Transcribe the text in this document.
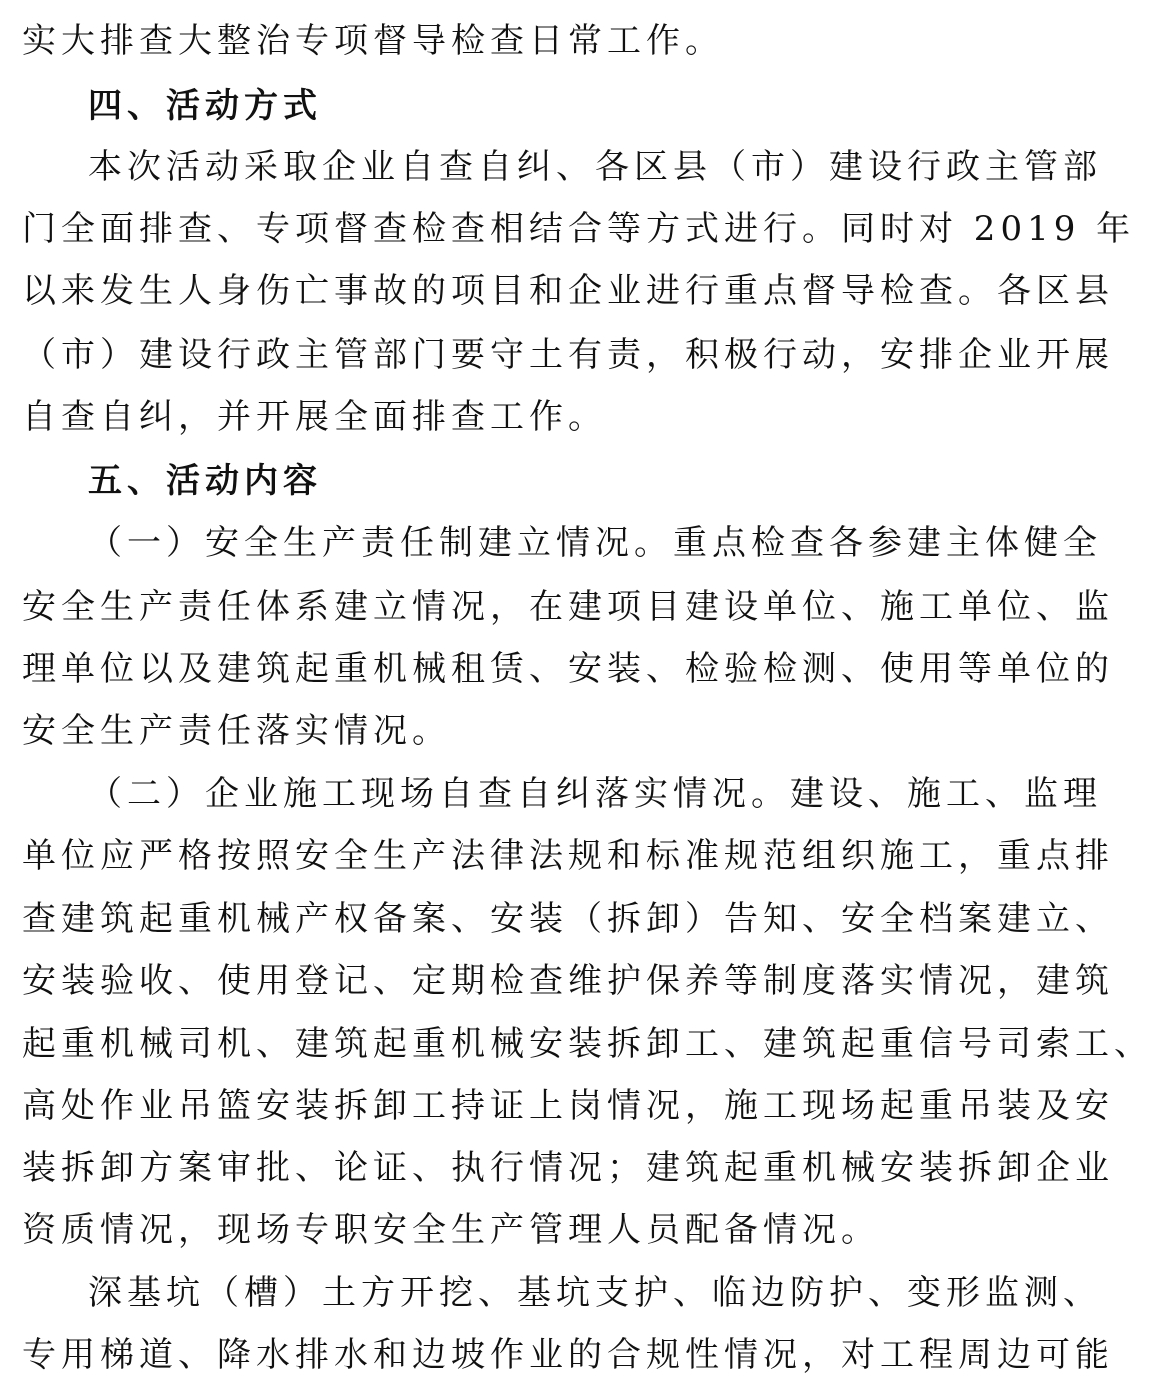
实大排查大整治专项督导检查日常工作。
四、活动方式
本次活动采取企业自查自纠、各区县（市）建设行政主管部
门全面排查、专项督查检查相结合等方式进行。同时对 2019 年
以来发生人身伤亡事故的项目和企业进行重点督导检查。各区县
（市）建设行政主管部门要守土有责，积极行动，安排企业开展
自查自纠，并开展全面排查工作。
五、活动内容
（一）安全生产责任制建立情况。重点检查各参建主体健全
安全生产责任体系建立情况，在建项目建设单位、施工单位、监
理单位以及建筑起重机械租赁、安装、检验检测、使用等单位的
安全生产责任落实情况。
（二）企业施工现场自查自纠落实情况。建设、施工、监理
单位应严格按照安全生产法律法规和标准规范组织施工，重点排
查建筑起重机械产权备案、安装（拆卸）告知、安全档案建立、
安装验收、使用登记、定期检查维护保养等制度落实情况，建筑
起重机械司机、建筑起重机械安装拆卸工、建筑起重信号司索工、
高处作业吊篮安装拆卸工持证上岗情况，施工现场起重吊装及安
装拆卸方案审批、论证、执行情况；建筑起重机械安装拆卸企业
资质情况，现场专职安全生产管理人员配备情况。
深基坑（槽）土方开挖、基坑支护、临边防护、变形监测、
专用梯道、降水排水和边坡作业的合规性情况，对工程周边可能
